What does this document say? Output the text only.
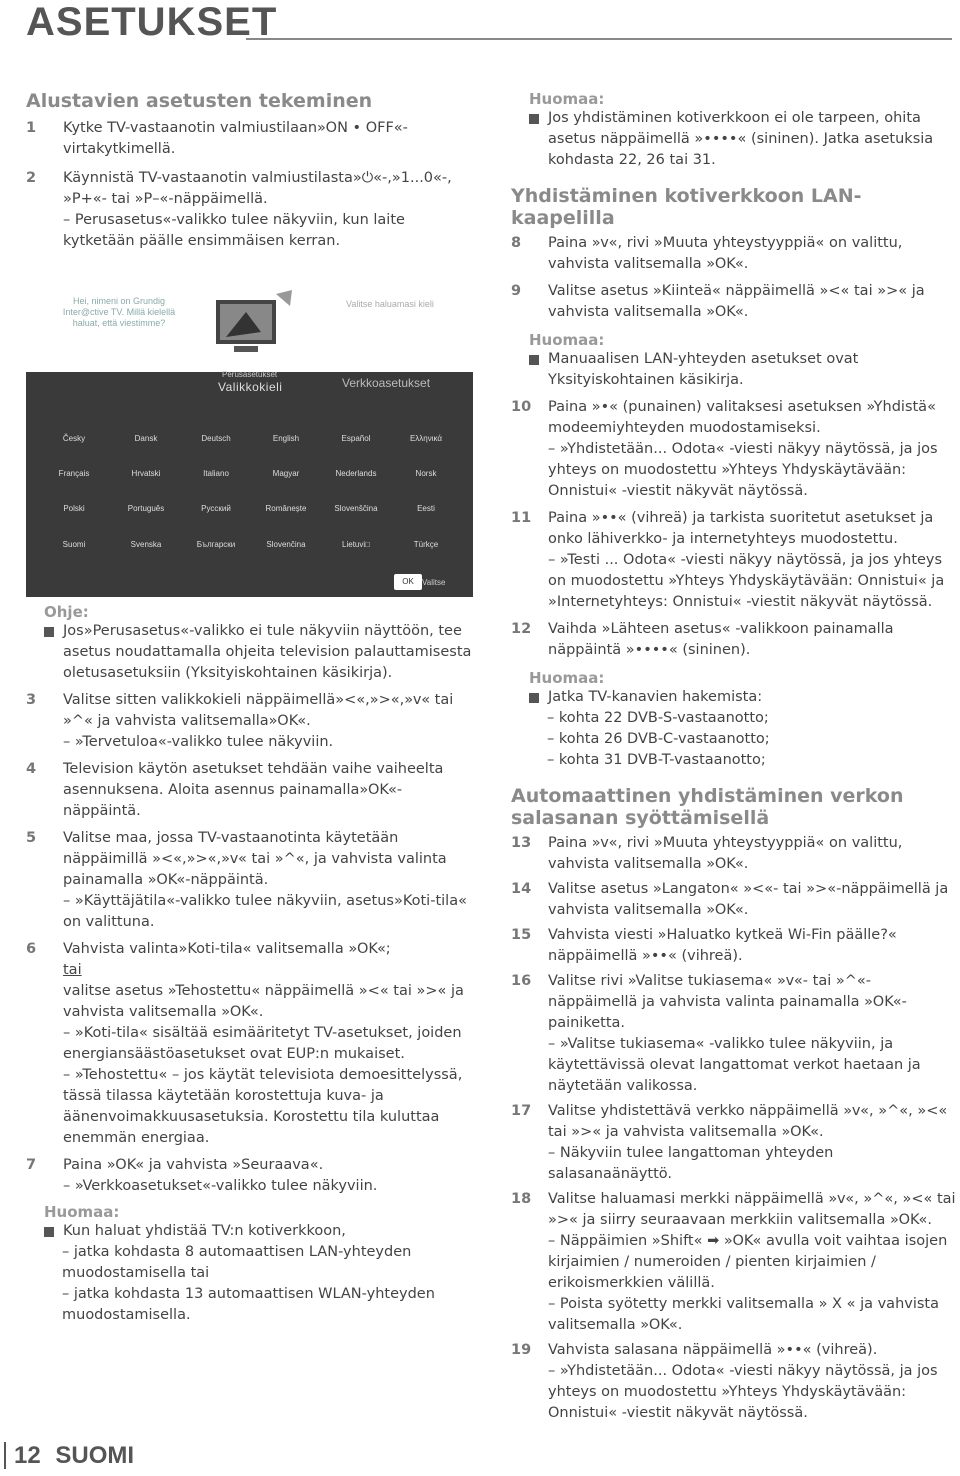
ASETUKSET
Alustavien asetusten tekeminen
1 Kytke TV-vastaanotin valmiustilaan»ON • OFF«-virtakytkimellä.
2 Käynnistä TV-vastaanotin valmiustilasta»⏻«-,»1...0«-,
»P+«- tai »P–«-näppäimellä.
– Perusasetus«-valikko tulee näkyviin, kun laite kytketään päälle ensimmäisen kerran.
Hei, nimeni on Grundig Inter@ctive TV. Millä kielellä haluat, että viestimme?
Valitse haluamasi kieli
Perusasetukset
Valikkokieli	Verkkoasetukset
Česky	Dansk	Deutsch	English	Español	Ελληνικά
Français	Hrvatski	Italiano	Magyar	Nederlands	Norsk
Polski	Português	Русский	Românește	Slovenščina	Eesti
Suomi	Svenska	Български	Slovenčina	Lietuvi□	Türkçe
OK	Valitse
Ohje:
Jos»Perusasetus«-valikko ei tule näkyviin näyttöön, tee asetus noudattamalla ohjeita television palauttamisesta oletusasetuksiin (Yksityiskohtainen käsikirja).
3 Valitse sitten valikkokieli näppäimellä»<«,»>«,»v« tai »^« ja vahvista valitsemalla»OK«.
– »Tervetuloa«-valikko tulee näkyviin.
4 Television käytön asetukset tehdään vaihe vaiheelta asennuksena. Aloita asennus painamalla»OK«-näppäintä.
5 Valitse maa, jossa TV-vastaanotinta käytetään näppäimillä »<«,»>«,»v« tai »^«, ja vahvista valinta painamalla »OK«-näppäintä.
– »Käyttäjätila«-valikko tulee näkyviin, asetus»Koti-tila« on valittuna.
6 Vahvista valinta»Koti-tila« valitsemalla »OK«;
tai
valitse asetus »Tehostettu« näppäimellä »<« tai »>« ja vahvista valitsemalla »OK«.
– »Koti-tila« sisältää esimääritetyt TV-asetukset, joiden energiansäästöasetukset ovat EUP:n mukaiset.
– »Tehostettu« – jos käytät televisiota demoesittelyssä, tässä tilassa käytetään korostettuja kuva- ja äänenvoimakkuusasetuksia. Korostettu tila kuluttaa enemmän energiaa.
7 Paina »OK« ja vahvista »Seuraava«.
– »Verkkoasetukset«-valikko tulee näkyviin.
Huomaa:
Kun haluat yhdistää TV:n kotiverkkoon,
– jatka kohdasta 8 automaattisen LAN-yhteyden muodostamisella tai
– jatka kohdasta 13 automaattisen WLAN-yhteyden muodostamisella.
Huomaa:
Jos yhdistäminen kotiverkkoon ei ole tarpeen, ohita asetus näppäimellä »••••« (sininen). Jatka asetuksia kohdasta 22, 26 tai 31.
Yhdistäminen kotiverkkoon LAN-kaapelilla
8 Paina »v«, rivi »Muuta yhteystyyppiä« on valittu, vahvista valitsemalla »OK«.
9 Valitse asetus »Kiinteä« näppäimellä »<« tai »>« ja vahvista valitsemalla »OK«.
Huomaa:
Manuaalisen LAN-yhteyden asetukset ovat Yksityiskohtainen käsikirja.
10 Paina »•« (punainen) valitaksesi asetuksen »Yhdistä« modeemiyhteyden muodostamiseksi.
– »Yhdistetään... Odota« -viesti näkyy näytössä, ja jos yhteys on muodostettu »Yhteys Yhdyskäytävään: Onnistui« -viestit näkyvät näytössä.
11 Paina »••« (vihreä) ja tarkista suoritetut asetukset ja onko lähiverkko- ja internetyhteys muodostettu.
– »Testi ... Odota« -viesti näkyy näytössä, ja jos yhteys on muodostettu »Yhteys Yhdyskäytävään: Onnistui« ja »Internetyhteys: Onnistui« -viestit näkyvät näytössä.
12 Vaihda »Lähteen asetus« -valikkoon painamalla näppäintä »••••« (sininen).
Huomaa:
Jatka TV-kanavien hakemista:
– kohta 22 DVB-S-vastaanotto;
– kohta 26 DVB-C-vastaanotto;
– kohta 31 DVB-T-vastaanotto;
Automaattinen yhdistäminen verkon salasanan syöttämisellä
13 Paina »v«, rivi »Muuta yhteystyyppiä« on valittu, vahvista valitsemalla »OK«.
14 Valitse asetus »Langaton« »<«- tai »>«-näppäimellä ja vahvista valitsemalla »OK«.
15 Vahvista viesti »Haluatko kytkeä Wi-Fin päälle?« näppäimellä »••« (vihreä).
16 Valitse rivi »Valitse tukiasema« »v«- tai »^«-näppäimellä ja vahvista valinta painamalla »OK«-painiketta.
– »Valitse tukiasema« -valikko tulee näkyviin, ja käytettävissä olevat langattomat verkot haetaan ja näytetään valikossa.
17 Valitse yhdistettävä verkko näppäimellä »v«, »^«, »<« tai »>« ja vahvista valitsemalla »OK«.
– Näkyviin tulee langattoman yhteyden salasanaänäyttö.
18 Valitse haluamasi merkki näppäimellä »v«, »^«, »<« tai »>« ja siirry seuraavaan merkkiin valitsemalla »OK«.
– Näppäimien »Shift« ➡ »OK« avulla voit vaihtaa isojen kirjaimien / numeroiden / pienten kirjaimien / erikoismerkkien välillä.
– Poista syötetty merkki valitsemalla » X « ja vahvista valitsemalla »OK«.
19 Vahvista salasana näppäimellä »••« (vihreä).
– »Yhdistetään... Odota« -viesti näkyy näytössä, ja jos yhteys on muodostettu »Yhteys Yhdyskäytävään: Onnistui« -viestit näkyvät näytössä.
12 SUOMI
